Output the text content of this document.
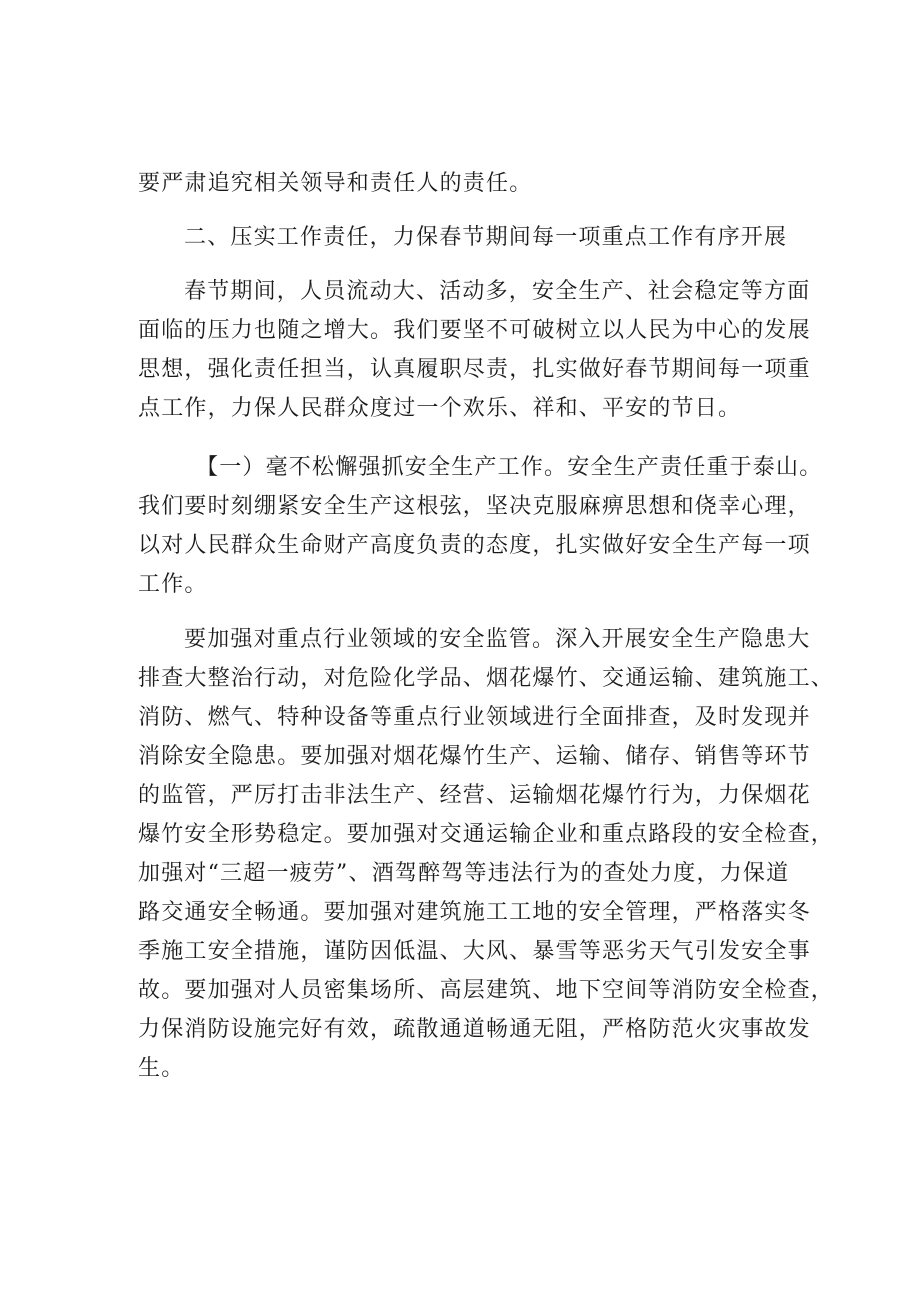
要严肃追究相关领导和责任人的责任。
二、压实工作责任，力保春节期间每一项重点工作有序开展
春节期间，人员流动大、活动多，安全生产、社会稳定等方面
面临的压力也随之增大。我们要坚不可破树立以人民为中心的发展
思想，强化责任担当，认真履职尽责，扎实做好春节期间每一项重
点工作，力保人民群众度过一个欢乐、祥和、平安的节日。
【一）毫不松懈强抓安全生产工作。安全生产责任重于泰山。
我们要时刻绷紧安全生产这根弦，坚决克服麻痹思想和侥幸心理，
以对人民群众生命财产高度负责的态度，扎实做好安全生产每一项
工作。
要加强对重点行业领域的安全监管。深入开展安全生产隐患大
排查大整治行动，对危险化学品、烟花爆竹、交通运输、建筑施工、
消防、燃气、特种设备等重点行业领域进行全面排查，及时发现并
消除安全隐患。要加强对烟花爆竹生产、运输、储存、销售等环节
的监管，严厉打击非法生产、经营、运输烟花爆竹行为，力保烟花
爆竹安全形势稳定。要加强对交通运输企业和重点路段的安全检查，
加强对“三超一疲劳”、酒驾醉驾等违法行为的查处力度，力保道
路交通安全畅通。要加强对建筑施工工地的安全管理，严格落实冬
季施工安全措施，谨防因低温、大风、暴雪等恶劣天气引发安全事
故。要加强对人员密集场所、高层建筑、地下空间等消防安全检查，
力保消防设施完好有效，疏散通道畅通无阻，严格防范火灾事故发
生。
